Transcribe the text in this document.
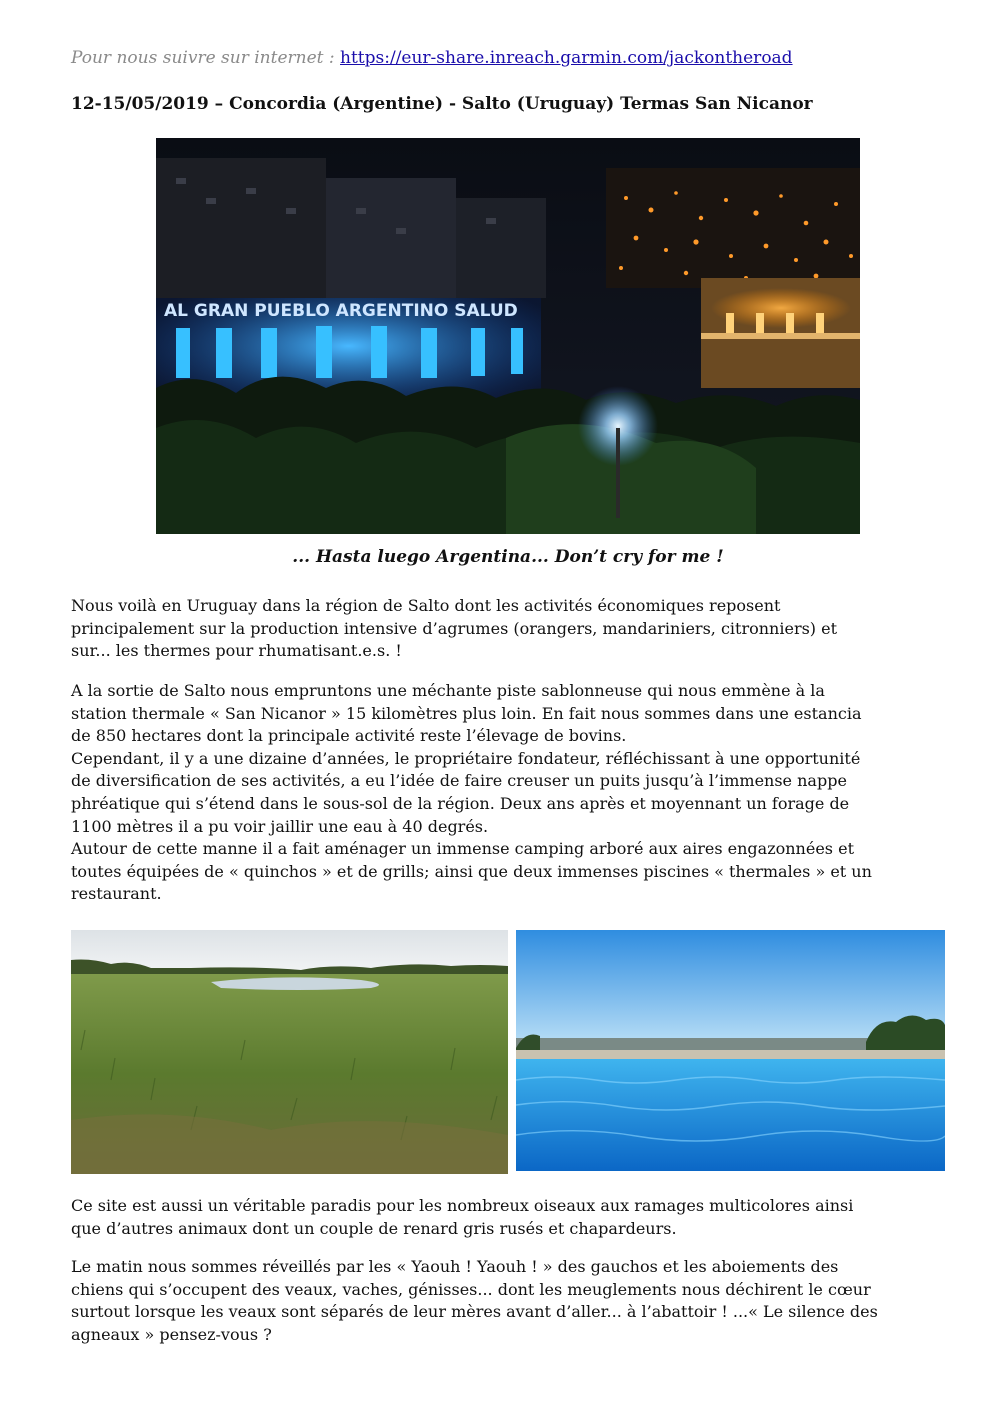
Pour nous suivre sur internet : https://eur-share.inreach.garmin.com/jackontheroad
12-15/05/2019 – Concordia (Argentine) - Salto (Uruguay) Termas San Nicanor
AL GRAN PUEBLO ARGENTINO SALUD
... Hasta luego Argentina... Don’t cry for me !

Nous voilà en Uruguay dans la région de Salto dont les activités économiques reposent
principalement sur la production intensive d’agrumes (orangers, mandariniers, citronniers) et
sur... les thermes pour rhumatisant.e.s. !

A la sortie de Salto nous empruntons une méchante piste sablonneuse qui nous emmène à la
station thermale « San Nicanor » 15 kilomètres plus loin. En fait nous sommes dans une estancia
de 850 hectares dont la principale activité reste l’élevage de bovins.
Cependant, il y a une dizaine d’années, le propriétaire fondateur, réfléchissant à une opportunité
de diversification de ses activités, a eu l’idée de faire creuser un puits jusqu’à l’immense nappe
phréatique qui s’étend dans le sous-sol de la région. Deux ans après et moyennant un forage de
1100 mètres il a pu voir jaillir une eau à 40 degrés.
Autour de cette manne il a fait aménager un immense camping arboré aux aires engazonnées et
toutes équipées de « quinchos » et de grills; ainsi que deux immenses piscines « thermales » et un
restaurant.

Ce site est aussi un véritable paradis pour les nombreux oiseaux aux ramages multicolores ainsi
que d’autres animaux dont un couple de renard gris rusés et chapardeurs.

Le matin nous sommes réveillés par les « Yaouh ! Yaouh ! » des gauchos et les aboiements des
chiens qui s’occupent des veaux, vaches, génisses... dont les meuglements nous déchirent le cœur
surtout lorsque les veaux sont séparés de leur mères avant d’aller... à l’abattoir ! ...« Le silence des
agneaux » pensez-vous ?
